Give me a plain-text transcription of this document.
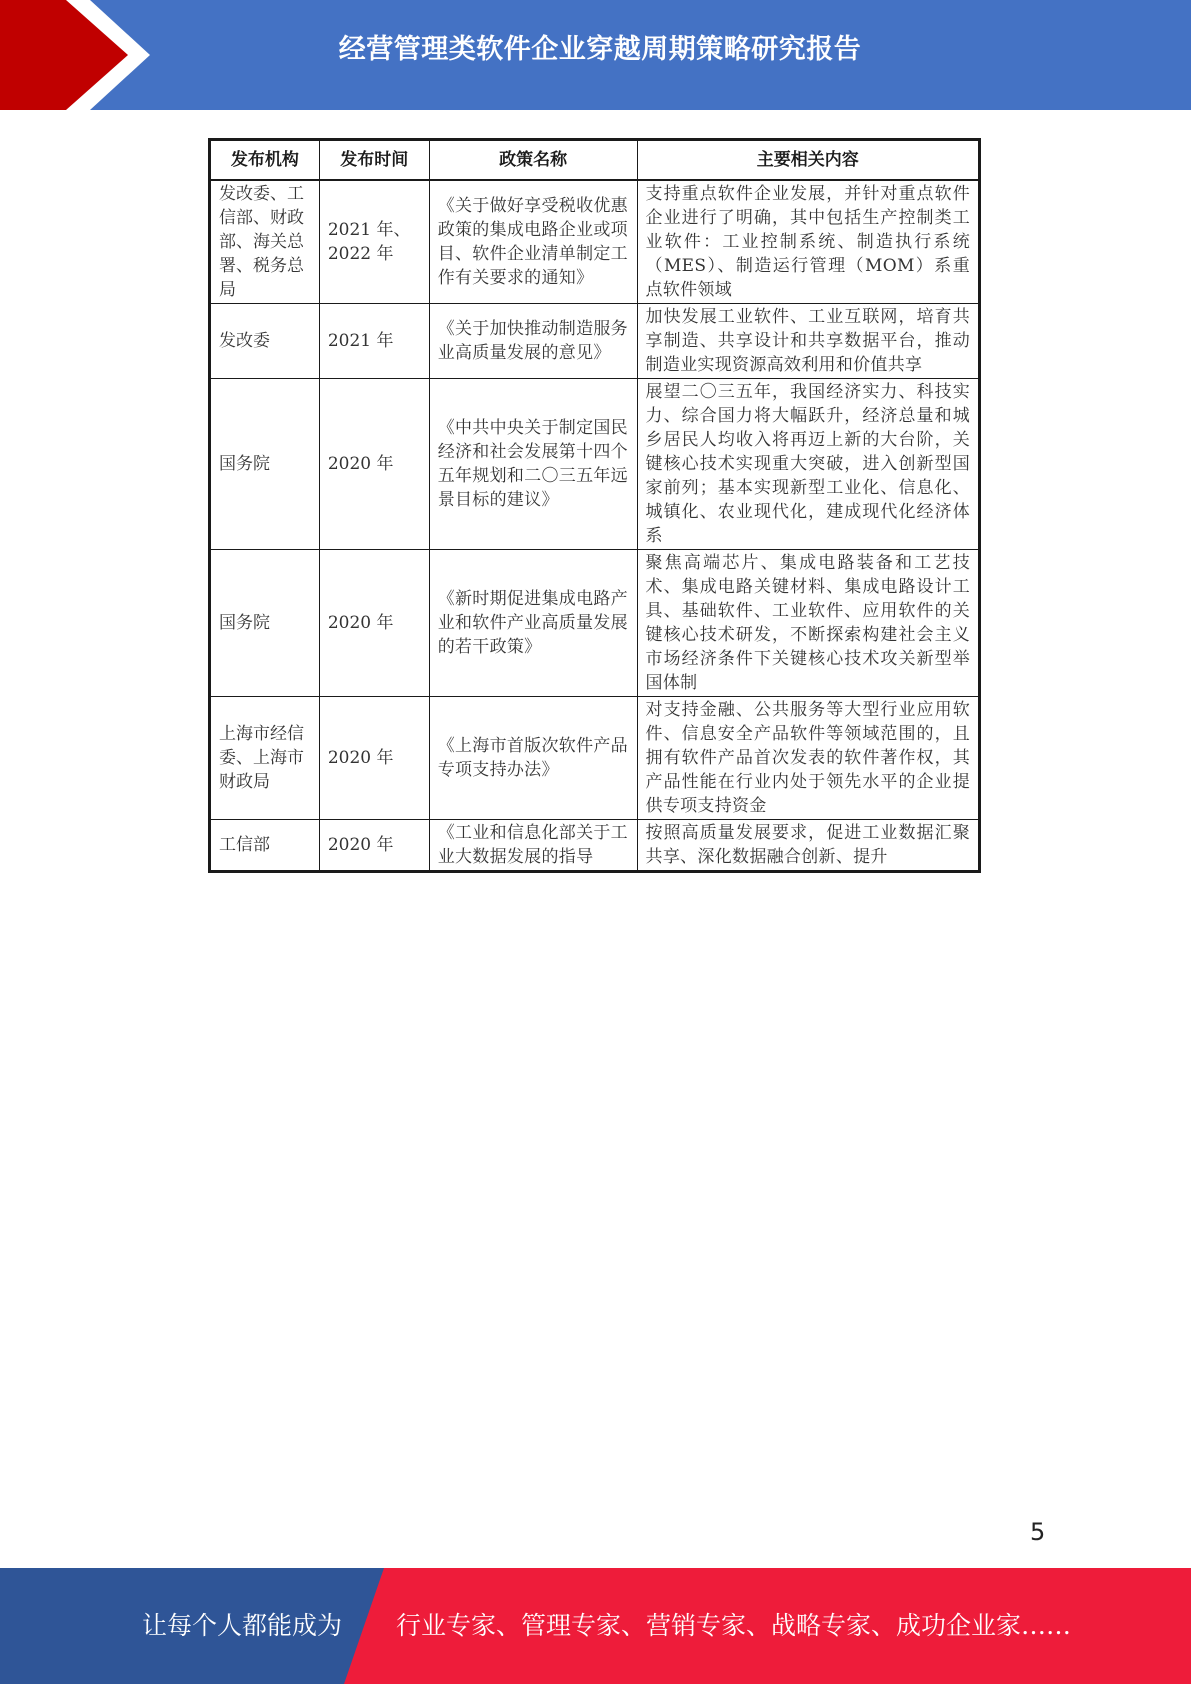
经营管理类软件企业穿越周期策略研究报告
发布机构	发布时间	政策名称	主要相关内容
发改委、工信部、财政部、海关总署、税务总局	2021 年、2022 年	《关于做好享受税收优惠政策的集成电路企业或项目、软件企业清单制定工作有关要求的通知》	支持重点软件企业发展，并针对重点软件企业进行了明确，其中包括生产控制类工业软件：工业控制系统、制造执行系统 （MES）、制造运行管理（MOM）系重点软件领域
发改委	2021 年	《关于加快推动制造服务业高质量发展的意见》	加快发展工业软件、工业互联网，培育共享制造、共享设计和共享数据平台，推动制造业实现资源高效利用和价值共享
国务院	2020 年	《中共中央关于制定国民经济和社会发展第十四个五年规划和二〇三五年远景目标的建议》	展望二〇三五年，我国经济实力、科技实力、综合国力将大幅跃升，经济总量和城乡居民人均收入将再迈上新的大台阶，关键核心技术实现重大突破，进入创新型国家前列；基本实现新型工业化、信息化、城镇化、农业现代化，建成现代化经济体系
国务院	2020 年	《新时期促进集成电路产业和软件产业高质量发展的若干政策》	聚焦高端芯片、集成电路装备和工艺技术、集成电路关键材料、集成电路设计工具、基础软件、工业软件、应用软件的关键核心技术研发，不断探索构建社会主义市场经济条件下关键核心技术攻关新型举国体制
上海市经信委、上海市财政局	2020 年	《上海市首版次软件产品专项支持办法》	对支持金融、公共服务等大型行业应用软件、信息安全产品软件等领域范围的，且拥有软件产品首次发表的软件著作权，其产品性能在行业内处于领先水平的企业提供专项支持资金
工信部	2020 年	《工业和信息化部关于工业大数据发展的指导	按照高质量发展要求，促进工业数据汇聚共享、深化数据融合创新、提升
5
让每个人都能成为 行业专家、管理专家、营销专家、战略专家、成功企业家……
